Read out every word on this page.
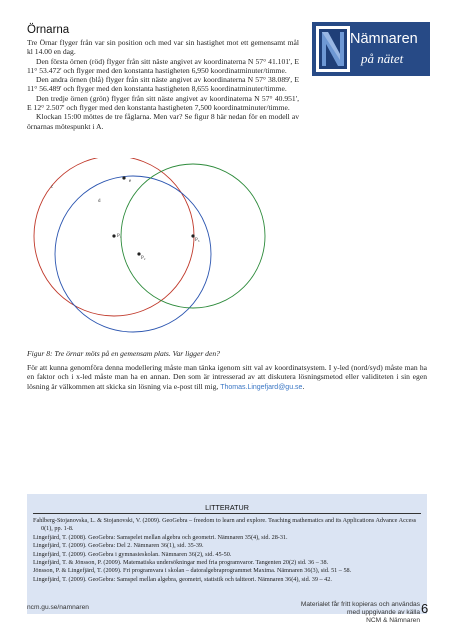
Örnarna

Tre Örnar flyger från var sin position och med var sin hastighet mot ett gemensamt mål kl 14.00 en dag.

Den första örnen (röd) flyger från sitt näste angivet av koordinaterna N 57° 41.101', E 11° 53.472' och flyger med den konstanta hastigheten 6,950 koordinatminuter/timme.

Den andra örnen (blå) flyger från sitt näste angivet av koordinaterna N 57° 38.089', E 11° 56.489' och flyger med den konstanta hastigheten 8,655 koordinatminuter/timme.

Den tredje örnen (grön) flyger från sitt näste angivet av koordinaterna N 57° 40.951', E 12° 2.507' och flyger med den konstanta hastigheten 7,500 koordinatminuter/timme.

Klockan 15:00 möttes de tre fåglarna. Men var? Se figur 8 här nedan för en modell av örnarnas mötespunkt i A.

Nämnaren
på nätet
c
e
d
P₁
P₂
P₃
Figur 8: Tre örnar möts på en gemensam plats. Var ligger den?
För att kunna genomföra denna modellering måste man tänka igenom sitt val av koordinatsystem. I y-led (nord/syd) måste man ha en faktor och i x-led måste man ha en annan. Den som är intresserad av att diskutera lösningsmetod eller validiteten i sin egen lösning är välkommen att skicka sin lösning via e-post till mig, Thomas.Lingefjard@gu.se.
LITTERATUR

Fahlberg-Stojanovska, L. & Stojanovski, V. (2009). GeoGebra – freedom to learn and explore. Teaching mathematics and its Applications Advance Access 0(1), pp. 1-8.

Lingefjärd, T. (2008). GeoGebra: Samspelet mellan algebra och geometri. Nämnaren 35(4), sid. 28-31.

Lingefjärd, T. (2009). GeoGebra: Del 2. Nämnaren 36(1), sid. 35-39.

Lingefjärd, T. (2009). GeoGebra i gymnasieskolan. Nämnaren 36(2), sid. 45-50.

Lingefjärd, T. & Jönsson, P. (2009). Matematiska undersökningar med fria programvaror. Tangenten 20(2) sid. 36 – 38.

Jönsson, P. & Lingefjärd, T. (2009). Fri programvara i skolan – datoralgebraprogrammet Maxima. Nämnaren 36(3), sid. 51 – 58.

Lingefjärd, T. (2009). GeoGebra: Samspel mellan algebra, geometri, statistik och taltteori. Nämnaren 36(4), sid. 39 – 42.

ncm.gu.se/namnaren	Materialet får fritt kopieras och användas
med uppgivande av källa
NCM & Nämnaren
6
